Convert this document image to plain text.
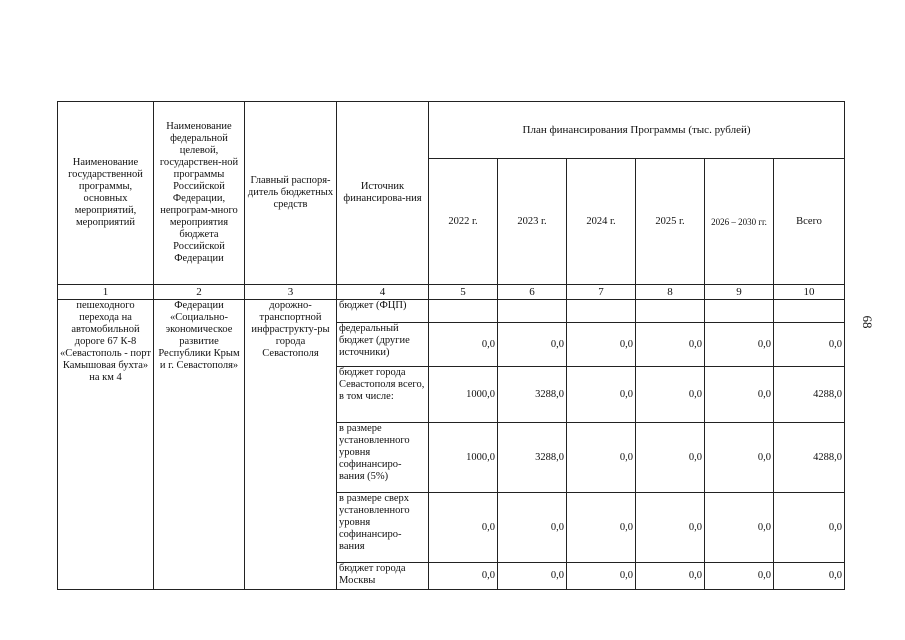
68
Наименование государственной программы, основных мероприятий, мероприятий	Наименование федеральной целевой, государствен-ной программы Российской Федерации, непрограм-много мероприятия бюджета Российской Федерации	Главный распоря-дитель бюджетных средств	Источник финансирова-ния	План финансирования Программы (тыс. рублей)					
				2022 г.	2023 г.	2024 г.	2025 г.	2026 – 2030 гг.	Всего
1	2	3	4	5	6	7	8	9	10
пешеходного перехода на автомобильной дороге 67 К-8 «Севастополь - порт Камышовая бухта» на км 4	Федерации «Социально-экономическое развитие Республики Крым и г. Севастополя»	дорожно-транспортной инфраструкту-ры города Севастополя	бюджет (ФЦП)						
			федеральный бюджет (другие источники)	0,0	0,0	0,0	0,0	0,0	0,0
			бюджет города Севастополя всего, в том числе:	1000,0	3288,0	0,0	0,0	0,0	4288,0
			в размере установленного уровня софинансиро-вания (5%)	1000,0	3288,0	0,0	0,0	0,0	4288,0
			в размере сверх установленного уровня софинансиро-вания	0,0	0,0	0,0	0,0	0,0	0,0
			бюджет города Москвы	0,0	0,0	0,0	0,0	0,0	0,0
